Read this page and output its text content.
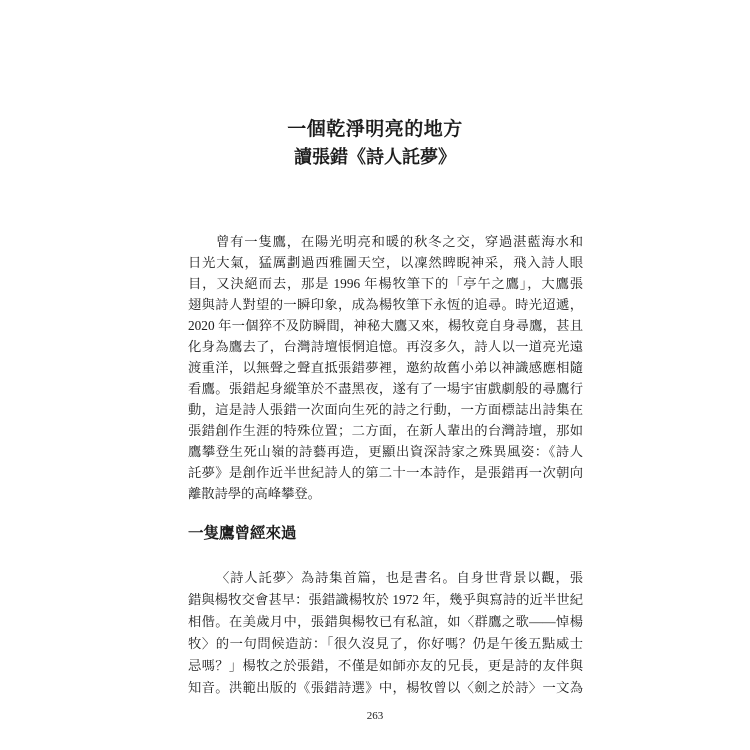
一個乾淨明亮的地方
讀張錯《詩人託夢》
曾有一隻鷹，在陽光明亮和暖的秋冬之交，穿過湛藍海水和
日光大氣，猛厲劃過西雅圖天空，以凜然睥睨神采，飛入詩人眼
目，又決絕而去，那是 1996 年楊牧筆下的「亭午之鷹」，大鷹張
翅與詩人對望的一瞬印象，成為楊牧筆下永恆的追尋。時光迢遞，
2020 年一個猝不及防瞬間，神秘大鷹又來，楊牧竟自身尋鷹，甚且
化身為鷹去了，台灣詩壇悵惘追憶。再沒多久，詩人以一道亮光遠
渡重洋，以無聲之聲直抵張錯夢裡，邀約故舊小弟以神識感應相隨
看鷹。張錯起身縱筆於不盡黑夜，遂有了一場宇宙戲劇般的尋鷹行
動，這是詩人張錯一次面向生死的詩之行動，一方面標誌出詩集在
張錯創作生涯的特殊位置；二方面，在新人輩出的台灣詩壇，那如
鷹攀登生死山嶺的詩藝再造，更顯出資深詩家之殊異風姿：《詩人
託夢》是創作近半世紀詩人的第二十一本詩作，是張錯再一次朝向
離散詩學的高峰攀登。
一隻鷹曾經來過
〈詩人託夢〉為詩集首篇，也是書名。自身世背景以觀，張
錯與楊牧交會甚早：張錯識楊牧於 1972 年，幾乎與寫詩的近半世紀
相偕。在美歲月中，張錯與楊牧已有私誼，如〈群鷹之歌——悼楊
牧〉的一句問候造訪：「很久沒見了，你好嗎？仍是午後五點威士
忌嗎？」楊牧之於張錯，不僅是如師亦友的兄長，更是詩的友伴與
知音。洪範出版的《張錯詩選》中，楊牧曾以〈劍之於詩〉一文為
263
